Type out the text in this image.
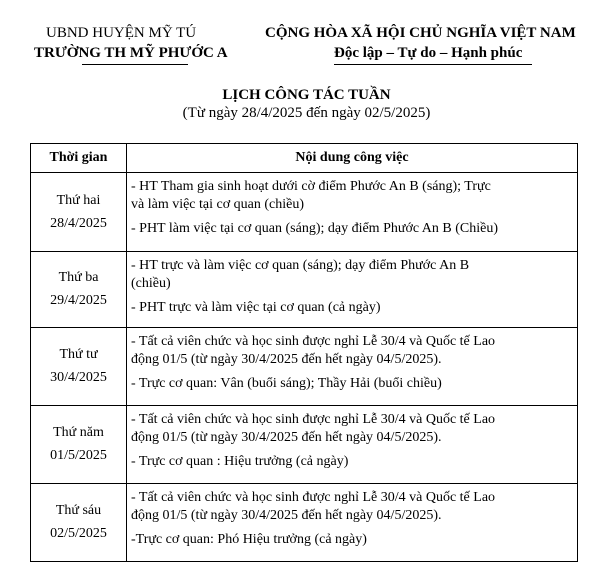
UBND HUYỆN MỸ TÚ
TRƯỜNG TH MỸ PHƯỚC A
CỘNG HÒA XÃ HỘI CHỦ NGHĨA VIỆT NAM
Độc lập – Tự do – Hạnh phúc
LỊCH CÔNG TÁC TUẦN
(Từ ngày 28/4/2025 đến ngày 02/5/2025)
Thời gian	Nội dung công việc

Thứ hai
28/4/2025	- HT Tham gia sinh hoạt dưới cờ điểm Phước An B (sáng); Trực
và làm việc tại cơ quan (chiều)
- PHT làm việc tại cơ quan (sáng); dạy điểm Phước An B (Chiều)

Thứ ba
29/4/2025	- HT trực và làm việc cơ quan (sáng); dạy điểm Phước An B
(chiều)
- PHT trực và làm việc tại cơ quan (cả ngày)

Thứ tư
30/4/2025	- Tất cả viên chức và học sinh được nghỉ Lễ 30/4 và Quốc tế Lao
động 01/5 (từ ngày 30/4/2025 đến hết ngày 04/5/2025).
- Trực cơ quan: Vân (buổi sáng); Thầy Hải (buổi chiều)

Thứ năm
01/5/2025	- Tất cả viên chức và học sinh được nghỉ Lễ 30/4 và Quốc tế Lao
động 01/5 (từ ngày 30/4/2025 đến hết ngày 04/5/2025).
- Trực cơ quan : Hiệu trưởng (cả ngày)

Thứ sáu
02/5/2025	- Tất cả viên chức và học sinh được nghỉ Lễ 30/4 và Quốc tế Lao
động 01/5 (từ ngày 30/4/2025 đến hết ngày 04/5/2025).
-Trực cơ quan: Phó Hiệu trưởng (cả ngày)
